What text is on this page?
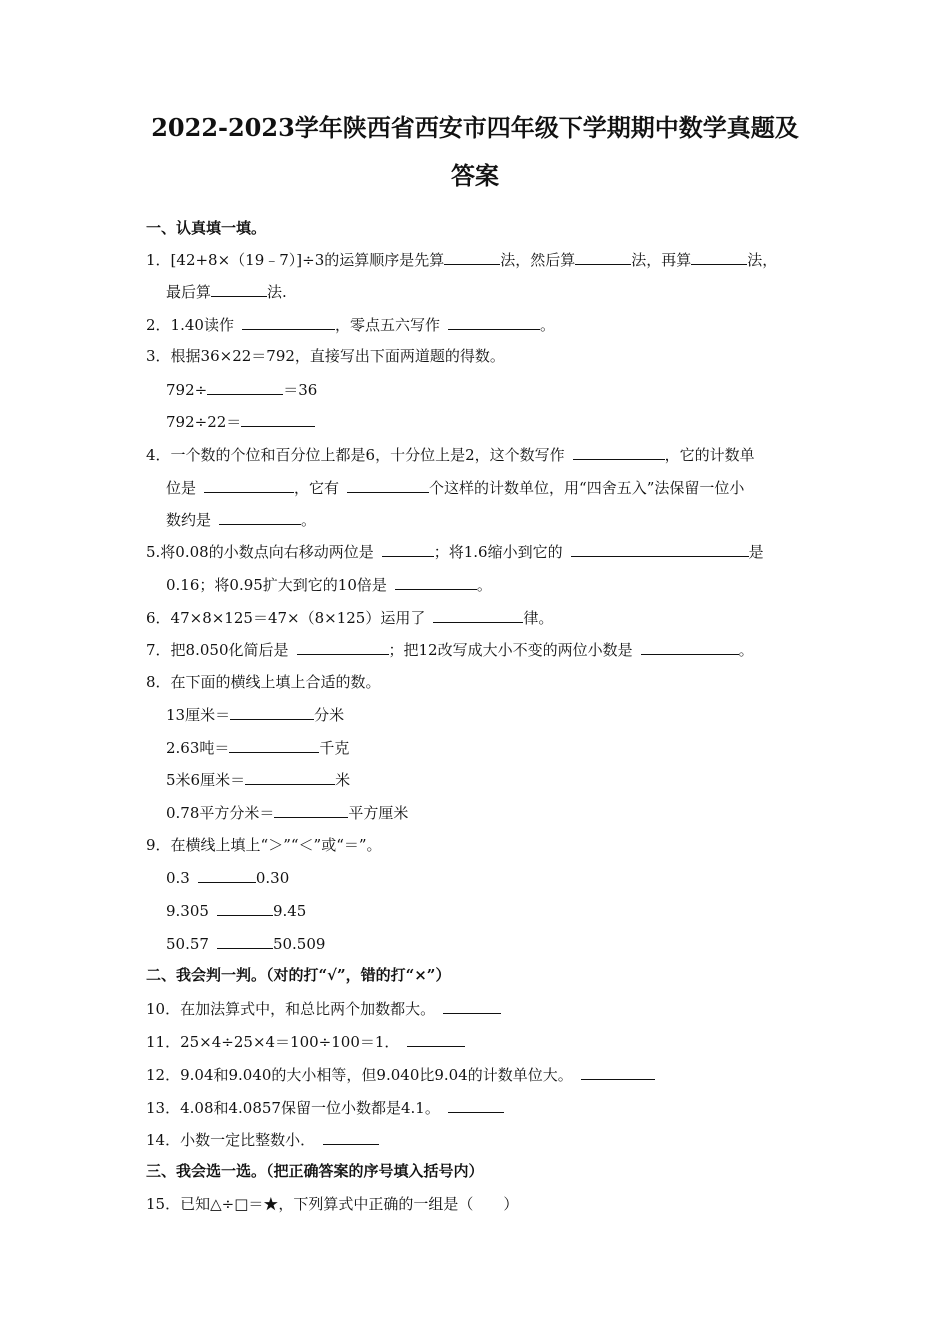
2022-2023学年陕西省西安市四年级下学期期中数学真题及
答案
一、认真填一填。
1．[42+8×（19﹣7）]÷3的运算顺序是先算	法，然后算	法，再算	法，
最后算	法.
2．1.40读作	，零点五六写作	。
3．根据36×22＝792，直接写出下面两道题的得数。
792÷	＝36
792÷22＝
4．一个数的个位和百分位上都是6，十分位上是2，这个数写作	，它的计数单
位是	，它有	个这样的计数单位，用“四舍五入”法保留一位小
数约是	。
5.将0.08的小数点向右移动两位是	；将1.6缩小到它的	是
0.16；将0.95扩大到它的10倍是	。
6．47×8×125＝47×（8×125）运用了	律。
7．把8.050化简后是	；把12改写成大小不变的两位小数是	。
8．在下面的横线上填上合适的数。
13厘米＝	分米
2.63吨＝	千克
5米6厘米＝	米
0.78平方分米＝	平方厘米
9．在横线上填上“＞”“＜”或“＝”。
0.3	0.30
9.305	9.45
50.57	50.509
二、我会判一判。（对的打“√”，错的打“×”）
10．在加法算式中，和总比两个加数都大。
11．25×4÷25×4＝100÷100＝1．
12．9.04和9.040的大小相等，但9.040比9.04的计数单位大。
13．4.08和4.0857保留一位小数都是4.1。
14．小数一定比整数小．
三、我会选一选。（把正确答案的序号填入括号内）
15．已知△÷□＝★，下列算式中正确的一组是（　　）
